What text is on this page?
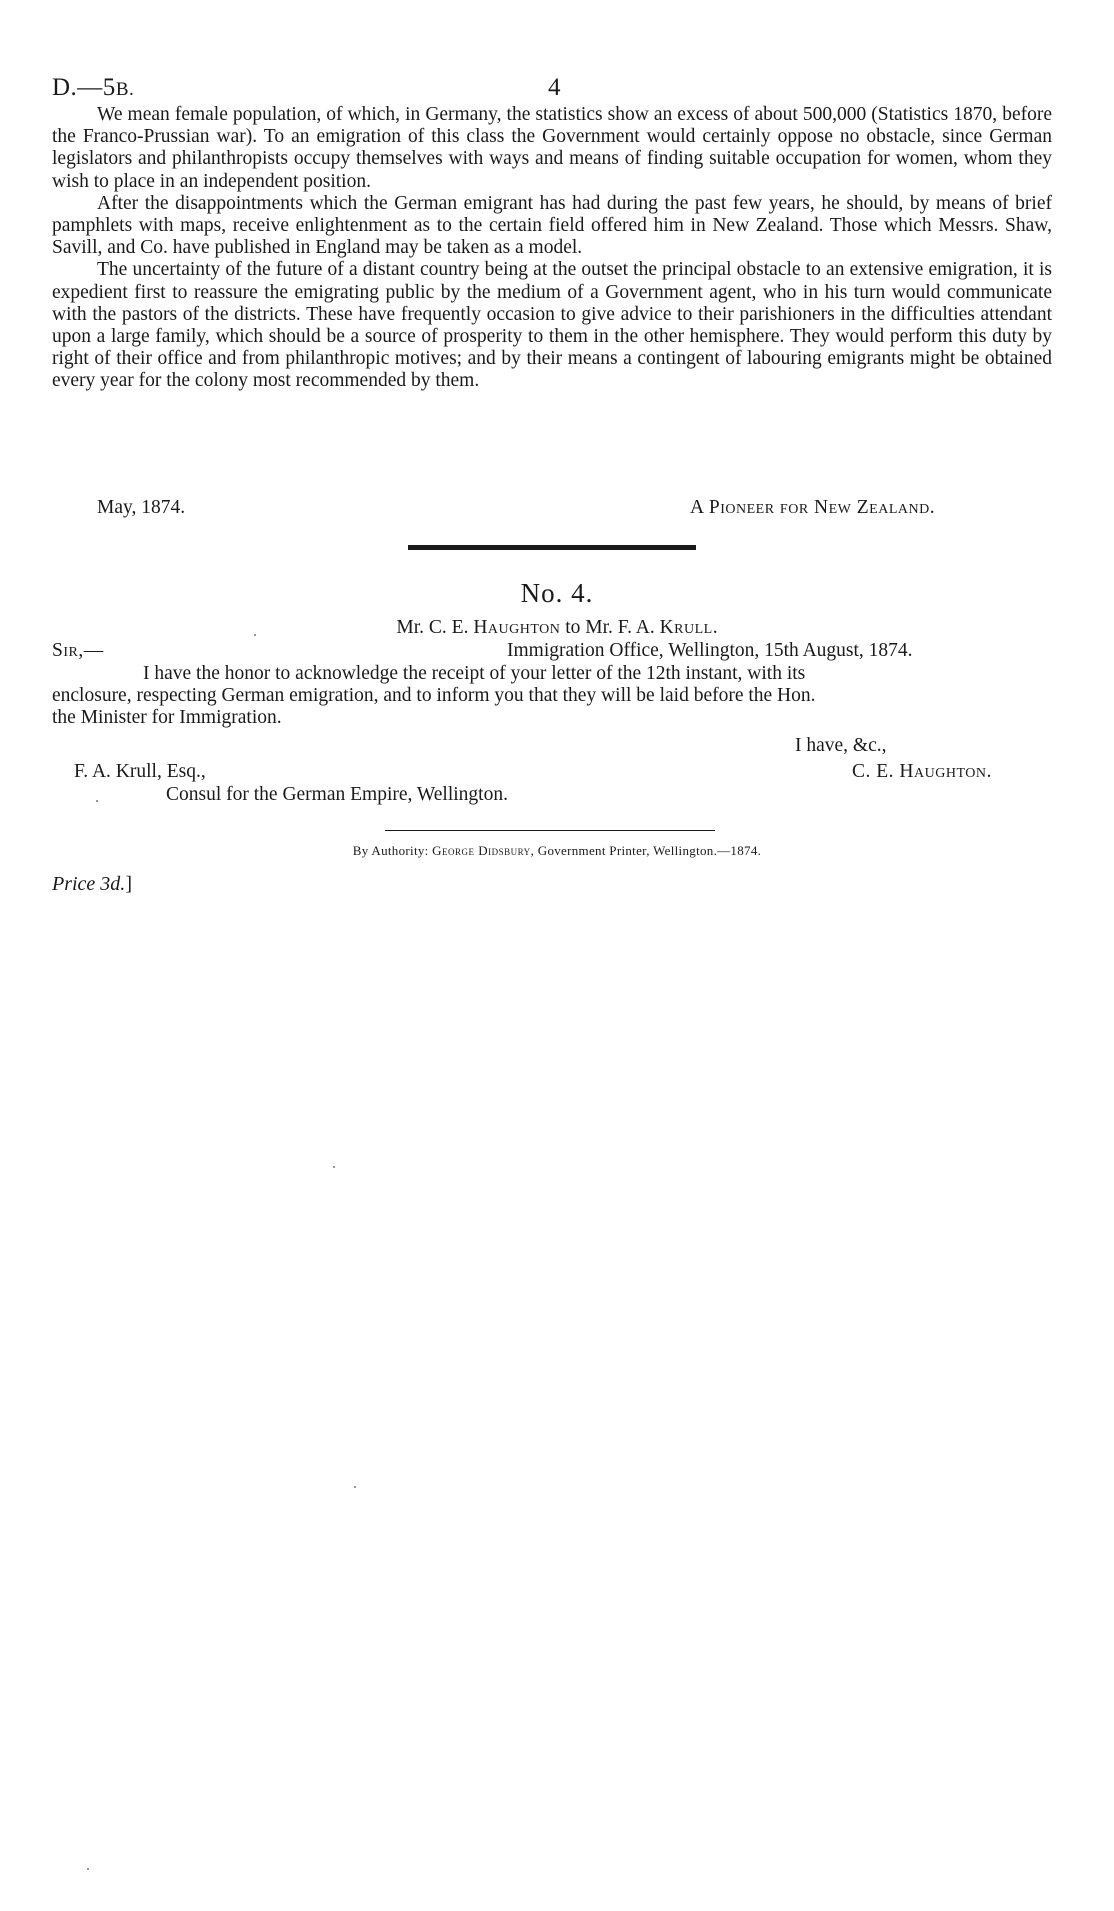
D.—5B.	4

We mean female population, of which, in Germany, the statistics show an excess of about 500,000 (Statistics 1870, before the Franco-Prussian war). To an emigration of this class the Government would certainly oppose no obstacle, since German legislators and philanthropists occupy themselves with ways and means of finding suitable occupation for women, whom they wish to place in an independent position.

After the disappointments which the German emigrant has had during the past few years, he should, by means of brief pamphlets with maps, receive enlightenment as to the certain field offered him in New Zealand. Those which Messrs. Shaw, Savill, and Co. have published in England may be taken as a model.

The uncertainty of the future of a distant country being at the outset the principal obstacle to an extensive emigration, it is expedient first to reassure the emigrating public by the medium of a Government agent, who in his turn would communicate with the pastors of the districts. These have frequently occasion to give advice to their parishioners in the difficulties attendant upon a large family, which should be a source of prosperity to them in the other hemisphere. They would perform this duty by right of their office and from philanthropic motives; and by their means a contingent of labouring emigrants might be obtained every year for the colony most recommended by them.

May, 1874.	A Pioneer for New Zealand.
No. 4.
Mr. C. E. Haughton to Mr. F. A. Krull.
Sir,—	Immigration Office, Wellington, 15th August, 1874.
I have the honor to acknowledge the receipt of your letter of the 12th instant, with its
enclosure, respecting German emigration, and to inform you that they will be laid before the Hon.
the Minister for Immigration.
I have, &c.,
F. A. Krull, Esq.,	C. E. Haughton.
Consul for the German Empire, Wellington.
By Authority: George Didsbury, Government Printer, Wellington.—1874.
Price 3d.]
